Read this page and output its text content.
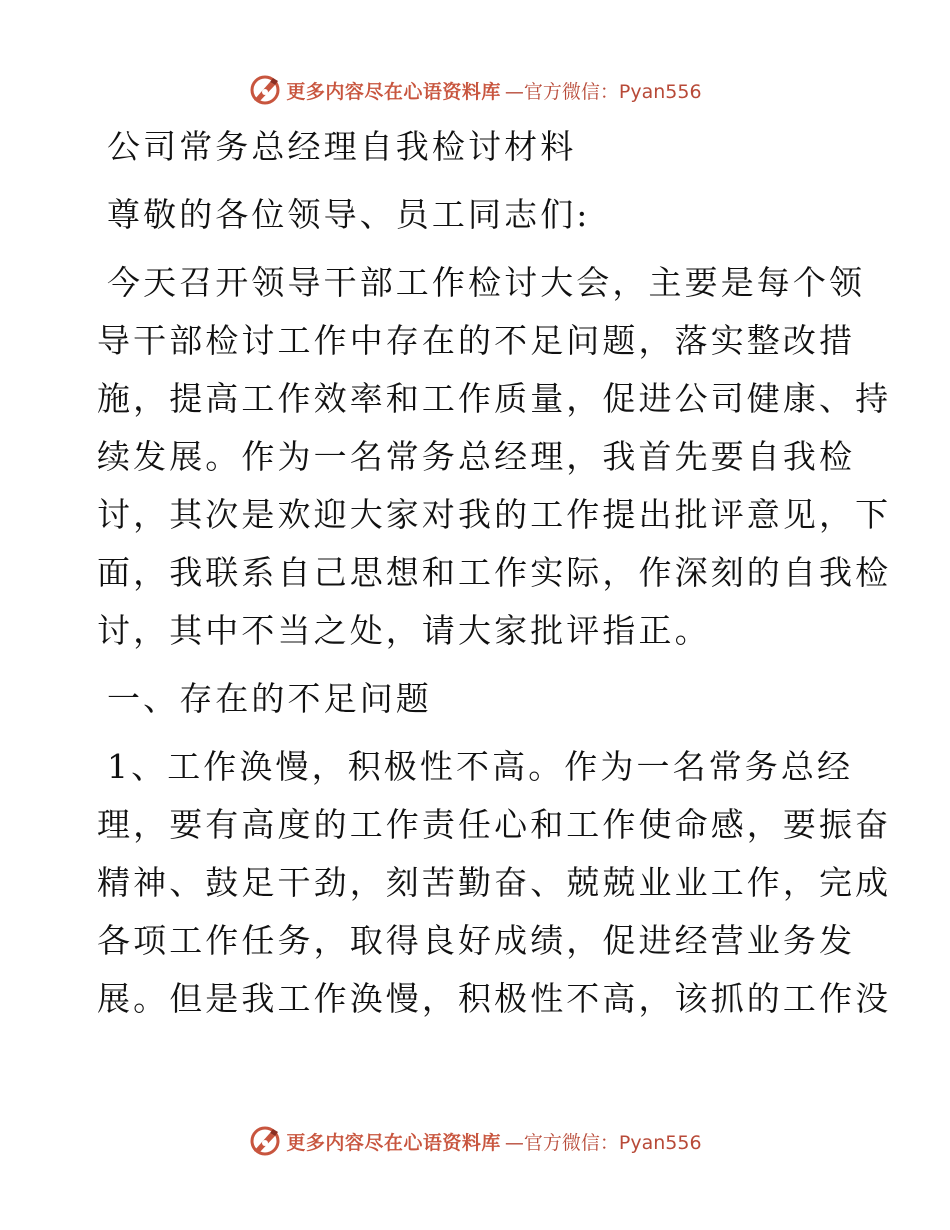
更多内容尽在心语资料库 —官方微信：Pyan556
公司常务总经理自我检讨材料
尊敬的各位领导、员工同志们:
今天召开领导干部工作检讨大会，主要是每个领
导干部检讨工作中存在的不足问题，落实整改措
施，提高工作效率和工作质量，促进公司健康、持
续发展。作为一名常务总经理，我首先要自我检
讨，其次是欢迎大家对我的工作提出批评意见，下
面，我联系自己思想和工作实际，作深刻的自我检
讨，其中不当之处，请大家批评指正。
一、存在的不足问题
1、工作涣慢，积极性不高。作为一名常务总经
理，要有高度的工作责任心和工作使命感，要振奋
精神、鼓足干劲，刻苦勤奋、兢兢业业工作，完成
各项工作任务，取得良好成绩，促进经营业务发
展。但是我工作涣慢，积极性不高，该抓的工作没
更多内容尽在心语资料库 —官方微信：Pyan556
